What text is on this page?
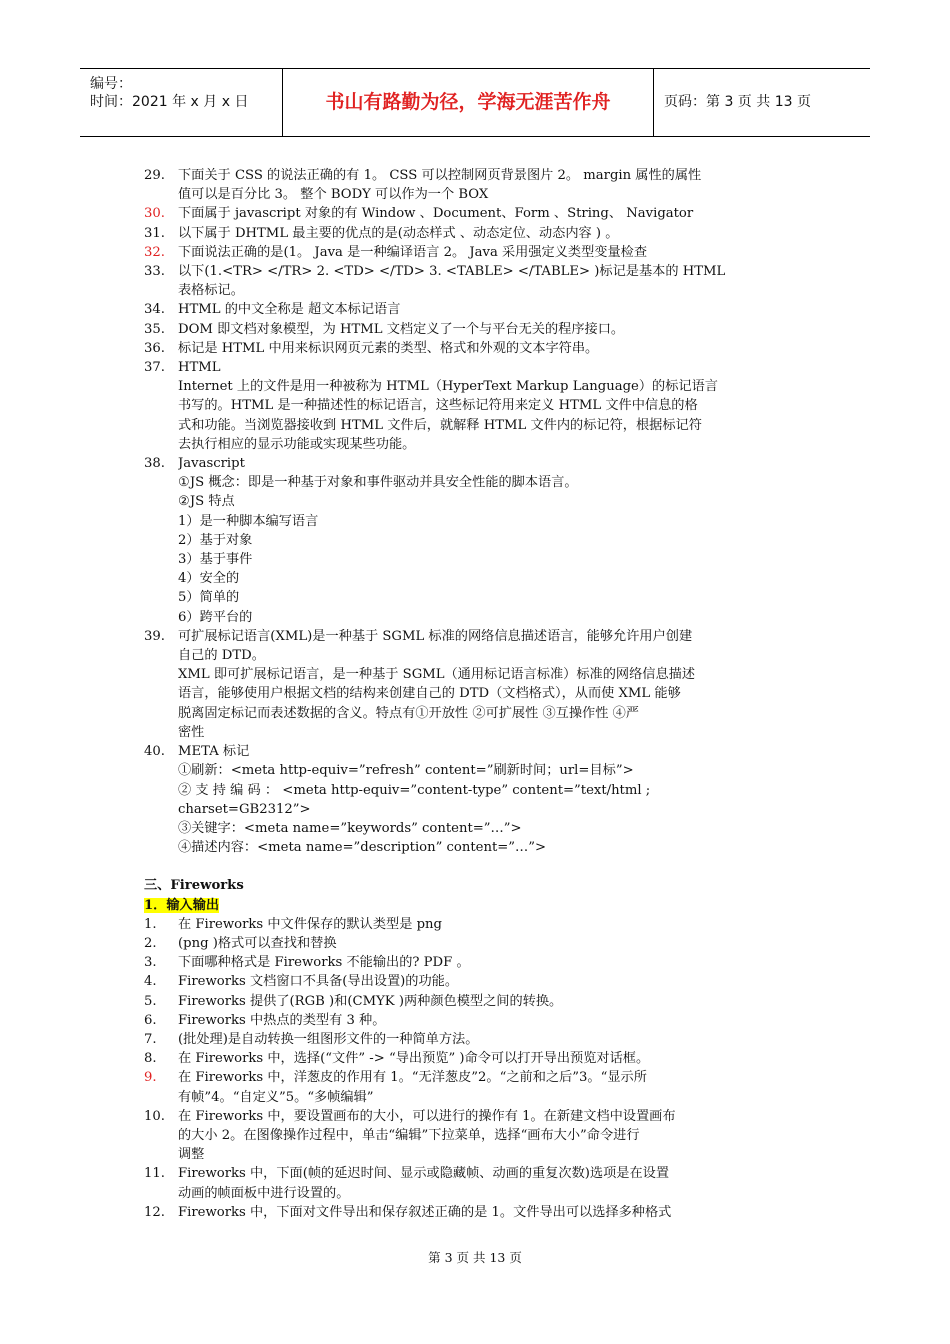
编号：
时间：2021 年 x 月 x 日	书山有路勤为径，学海无涯苦作舟	页码：第 3 页 共 13 页
29. 下面关于 CSS 的说法正确的有 1。 CSS 可以控制网页背景图片 2。 margin 属性的属性
值可以是百分比 3。 整个 BODY 可以作为一个 BOX
30. 下面属于 javascript 对象的有 Window 、Document、Form 、String、 Navigator
31. 以下属于 DHTML 最主要的优点的是(动态样式 、动态定位、动态内容 ) 。
32. 下面说法正确的是(1。 Java 是一种编译语言 2。 Java 采用强定义类型变量检查
33. 以下(1.<TR> </TR> 2. <TD> </TD> 3. <TABLE> </TABLE> )标记是基本的 HTML
表格标记。
34. HTML 的中文全称是 超文本标记语言
35. DOM 即文档对象模型，为 HTML 文档定义了一个与平台无关的程序接口。
36. 标记是 HTML 中用来标识网页元素的类型、格式和外观的文本字符串。
37. HTML
Internet 上的文件是用一种被称为 HTML（HyperText Markup Language）的标记语言
书写的。HTML 是一种描述性的标记语言，这些标记符用来定义 HTML 文件中信息的格
式和功能。当浏览器接收到 HTML 文件后，就解释 HTML 文件内的标记符，根据标记符
去执行相应的显示功能或实现某些功能。
38. Javascript
①JS 概念：即是一种基于对象和事件驱动并具安全性能的脚本语言。
②JS 特点
1）是一种脚本编写语言
2）基于对象
3）基于事件
4）安全的
5）简单的
6）跨平台的
39. 可扩展标记语言(XML)是一种基于 SGML 标准的网络信息描述语言，能够允许用户创建
自己的 DTD。
XML 即可扩展标记语言，是一种基于 SGML（通用标记语言标准）标准的网络信息描述
语言，能够使用户根据文档的结构来创建自己的 DTD（文档格式），从而使 XML 能够
脱离固定标记而表述数据的含义。特点有①开放性 ②可扩展性 ③互操作性 ④严
密性
40. META 标记
①刷新：<meta http-equiv=”refresh” content=”刷新时间；url=目标”>
② 支 持 编 码 ： <meta http-equiv=”content-type” content=”text/html ;
charset=GB2312”>
③关键字：<meta name=”keywords” content=”…”>
④描述内容：<meta name=”description” content=”…”>
三、Fireworks
1．输入输出
1. 在 Fireworks 中文件保存的默认类型是 png
2. (png )格式可以查找和替换
3. 下面哪种格式是 Fireworks 不能输出的? PDF 。
4. Fireworks 文档窗口不具备(导出设置)的功能。
5. Fireworks 提供了(RGB )和(CMYK )两种颜色模型之间的转换。
6. Fireworks 中热点的类型有 3 种。
7. (批处理)是自动转换一组图形文件的一种简单方法。
8. 在 Fireworks 中，选择(“文件” -> “导出预览” )命令可以打开导出预览对话框。
9. 在 Fireworks 中，洋葱皮的作用有 1。“无洋葱皮”2。“之前和之后”3。“显示所
有帧”4。“自定义”5。“多帧编辑”
10. 在 Fireworks 中，要设置画布的大小，可以进行的操作有 1。在新建文档中设置画布
的大小 2。在图像操作过程中，单击“编辑”下拉菜单，选择“画布大小”命令进行
调整
11. Fireworks 中，下面(帧的延迟时间、显示或隐藏帧、动画的重复次数)选项是在设置
动画的帧面板中进行设置的。
12. Fireworks 中，下面对文件导出和保存叙述正确的是 1。文件导出可以选择多种格式
第 3 页 共 13 页
